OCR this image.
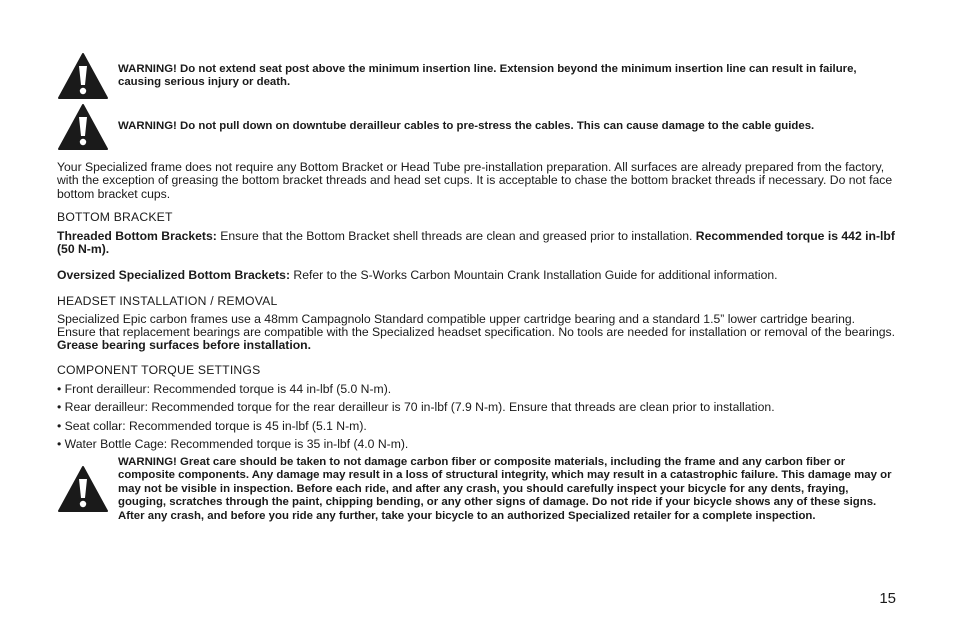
WARNING! Do not extend seat post above the minimum insertion line. Extension beyond the minimum insertion line can result in failure, causing serious injury or death.
WARNING! Do not pull down on downtube derailleur cables to pre-stress the cables. This can cause damage to the cable guides.

Your Specialized frame does not require any Bottom Bracket or Head Tube pre-installation preparation. All surfaces are already prepared from the factory, with the exception of greasing the bottom bracket threads and head set cups. It is acceptable to chase the bottom bracket threads if necessary. Do not face bottom bracket cups.

BOTTOM BRACKET

Threaded Bottom Brackets: Ensure that the Bottom Bracket shell threads are clean and greased prior to installation. Recommended torque is 442 in-lbf (50 N-m).

Oversized Specialized Bottom Brackets: Refer to the S-Works Carbon Mountain Crank Installation Guide for additional information.

HEADSET INSTALLATION / REMOVAL

Specialized Epic carbon frames use a 48mm Campagnolo Standard compatible upper cartridge bearing and a standard 1.5” lower cartridge bearing. Ensure that replacement bearings are compatible with the Specialized headset specification. No tools are needed for installation or removal of the bearings. Grease bearing surfaces before installation.

COMPONENT TORQUE SETTINGS
• Front derailleur: Recommended torque is 44 in-lbf (5.0 N-m).
• Rear derailleur: Recommended torque for the rear derailleur is 70 in-lbf (7.9 N-m). Ensure that threads are clean prior to installation.
• Seat collar: Recommended torque is 45 in-lbf (5.1 N-m).
• Water Bottle Cage: Recommended torque is 35 in-lbf (4.0 N-m).
WARNING! Great care should be taken to not damage carbon fiber or composite materials, including the frame and any carbon fiber or composite components. Any damage may result in a loss of structural integrity, which may result in a catastrophic failure. This damage may or may not be visible in inspection. Before each ride, and after any crash, you should carefully inspect your bicycle for any dents, fraying, gouging, scratches through the paint, chipping bending, or any other signs of damage. Do not ride if your bicycle shows any of these signs. After any crash, and before you ride any further, take your bicycle to an authorized Specialized retailer for a complete inspection.
15
